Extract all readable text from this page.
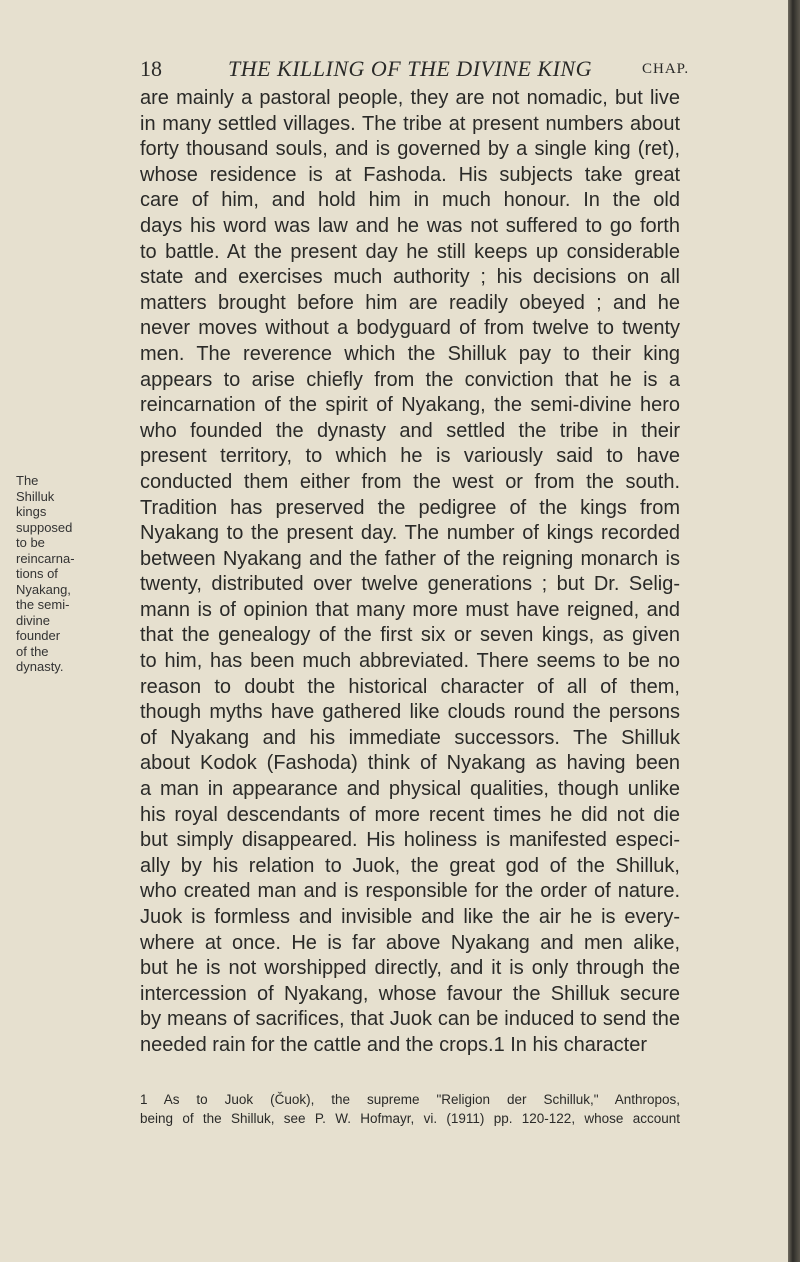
18	THE KILLING OF THE DIVINE KING	CHAP.
The
Shilluk
kings
supposed
to be
reincarna-
tions of
Nyakang,
the semi-
divine
founder
of the
dynasty.
are mainly a pastoral people, they are not nomadic, but live
in many settled villages. The tribe at present numbers about
forty thousand souls, and is governed by a single king (ret),
whose residence is at Fashoda. His subjects take great
care of him, and hold him in much honour. In the old
days his word was law and he was not suffered to go forth
to battle. At the present day he still keeps up considerable
state and exercises much authority ; his decisions on all
matters brought before him are readily obeyed ; and he
never moves without a bodyguard of from twelve to twenty
men. The reverence which the Shilluk pay to their king
appears to arise chiefly from the conviction that he is a
reincarnation of the spirit of Nyakang, the semi-divine hero
who founded the dynasty and settled the tribe in their
present territory, to which he is variously said to have
conducted them either from the west or from the south.
Tradition has preserved the pedigree of the kings from
Nyakang to the present day. The number of kings recorded
between Nyakang and the father of the reigning monarch is
twenty, distributed over twelve generations ; but Dr. Selig-
mann is of opinion that many more must have reigned, and
that the genealogy of the first six or seven kings, as given
to him, has been much abbreviated. There seems to be no
reason to doubt the historical character of all of them,
though myths have gathered like clouds round the persons
of Nyakang and his immediate successors. The Shilluk
about Kodok (Fashoda) think of Nyakang as having been
a man in appearance and physical qualities, though unlike
his royal descendants of more recent times he did not die
but simply disappeared. His holiness is manifested especi-
ally by his relation to Juok, the great god of the Shilluk,
who created man and is responsible for the order of nature.
Juok is formless and invisible and like the air he is every-
where at once. He is far above Nyakang and men alike,
but he is not worshipped directly, and it is only through the
intercession of Nyakang, whose favour the Shilluk secure
by means of sacrifices, that Juok can be induced to send the
needed rain for the cattle and the crops.1 In his character
1 As to Juok (Čuok), the supreme "Religion der Schilluk," Anthropos,
being of the Shilluk, see P. W. Hofmayr, vi. (1911) pp. 120-122, whose account
